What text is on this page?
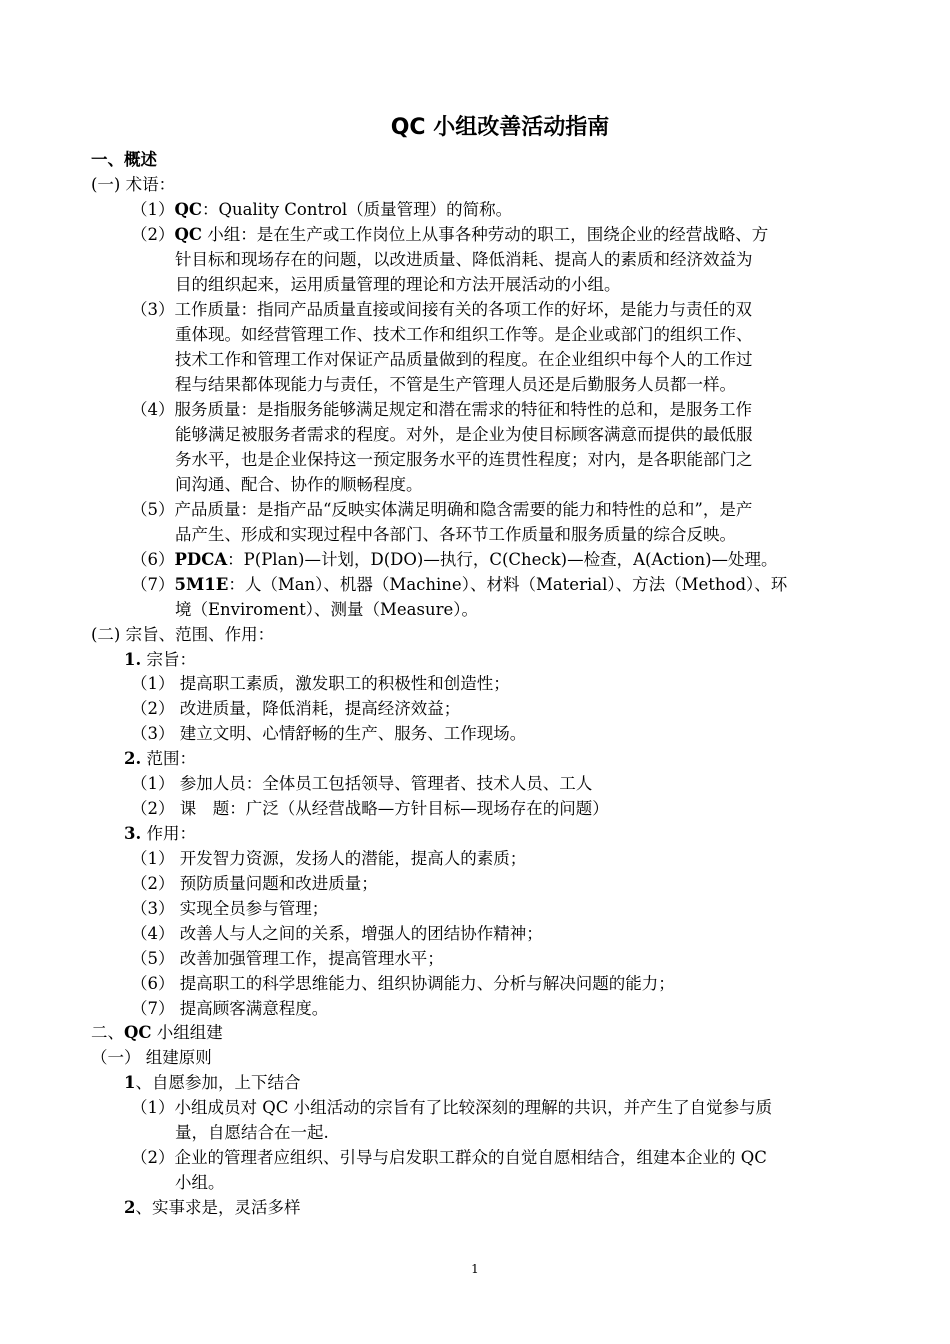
QC 小组改善活动指南
一、概述
(一) 术语：
（1）QC：Quality Control（质量管理）的简称。
（2）QC 小组：是在生产或工作岗位上从事各种劳动的职工，围绕企业的经营战略、方
针目标和现场存在的问题，以改进质量、降低消耗、提高人的素质和经济效益为
目的组织起来，运用质量管理的理论和方法开展活动的小组。
（3）工作质量：指同产品质量直接或间接有关的各项工作的好坏，是能力与责任的双
重体现。如经营管理工作、技术工作和组织工作等。是企业或部门的组织工作、
技术工作和管理工作对保证产品质量做到的程度。在企业组织中每个人的工作过
程与结果都体现能力与责任，不管是生产管理人员还是后勤服务人员都一样。
（4）服务质量：是指服务能够满足规定和潜在需求的特征和特性的总和，是服务工作
能够满足被服务者需求的程度。对外，是企业为使目标顾客满意而提供的最低服
务水平，也是企业保持这一预定服务水平的连贯性程度；对内，是各职能部门之
间沟通、配合、协作的顺畅程度。
（5）产品质量：是指产品“反映实体满足明确和隐含需要的能力和特性的总和”，是产
品产生、形成和实现过程中各部门、各环节工作质量和服务质量的综合反映。
（6）PDCA：P(Plan)—计划，D(DO)—执行，C(Check)—检查，A(Action)—处理。
（7）5M1E：人（Man）、机器（Machine）、材料（Material）、方法（Method）、环
境（Enviroment）、测量（Measure）。
(二) 宗旨、范围、作用：
1. 宗旨：
（1） 提高职工素质，激发职工的积极性和创造性；
（2） 改进质量，降低消耗，提高经济效益；
（3） 建立文明、心情舒畅的生产、服务、工作现场。
2. 范围：
（1） 参加人员：全体员工包括领导、管理者、技术人员、工人
（2） 课　题：广泛（从经营战略—方针目标—现场存在的问题）
3. 作用：
（1） 开发智力资源，发扬人的潜能，提高人的素质；
（2） 预防质量问题和改进质量；
（3） 实现全员参与管理；
（4） 改善人与人之间的关系，增强人的团结协作精神；
（5） 改善加强管理工作，提高管理水平；
（6） 提高职工的科学思维能力、组织协调能力、分析与解决问题的能力；
（7） 提高顾客满意程度。
二、QC 小组组建
（一） 组建原则
1、自愿参加，上下结合
（1）小组成员对 QC 小组活动的宗旨有了比较深刻的理解的共识，并产生了自觉参与质
量，自愿结合在一起.
（2）企业的管理者应组织、引导与启发职工群众的自觉自愿相结合，组建本企业的 QC
小组。
2、实事求是，灵活多样
1
